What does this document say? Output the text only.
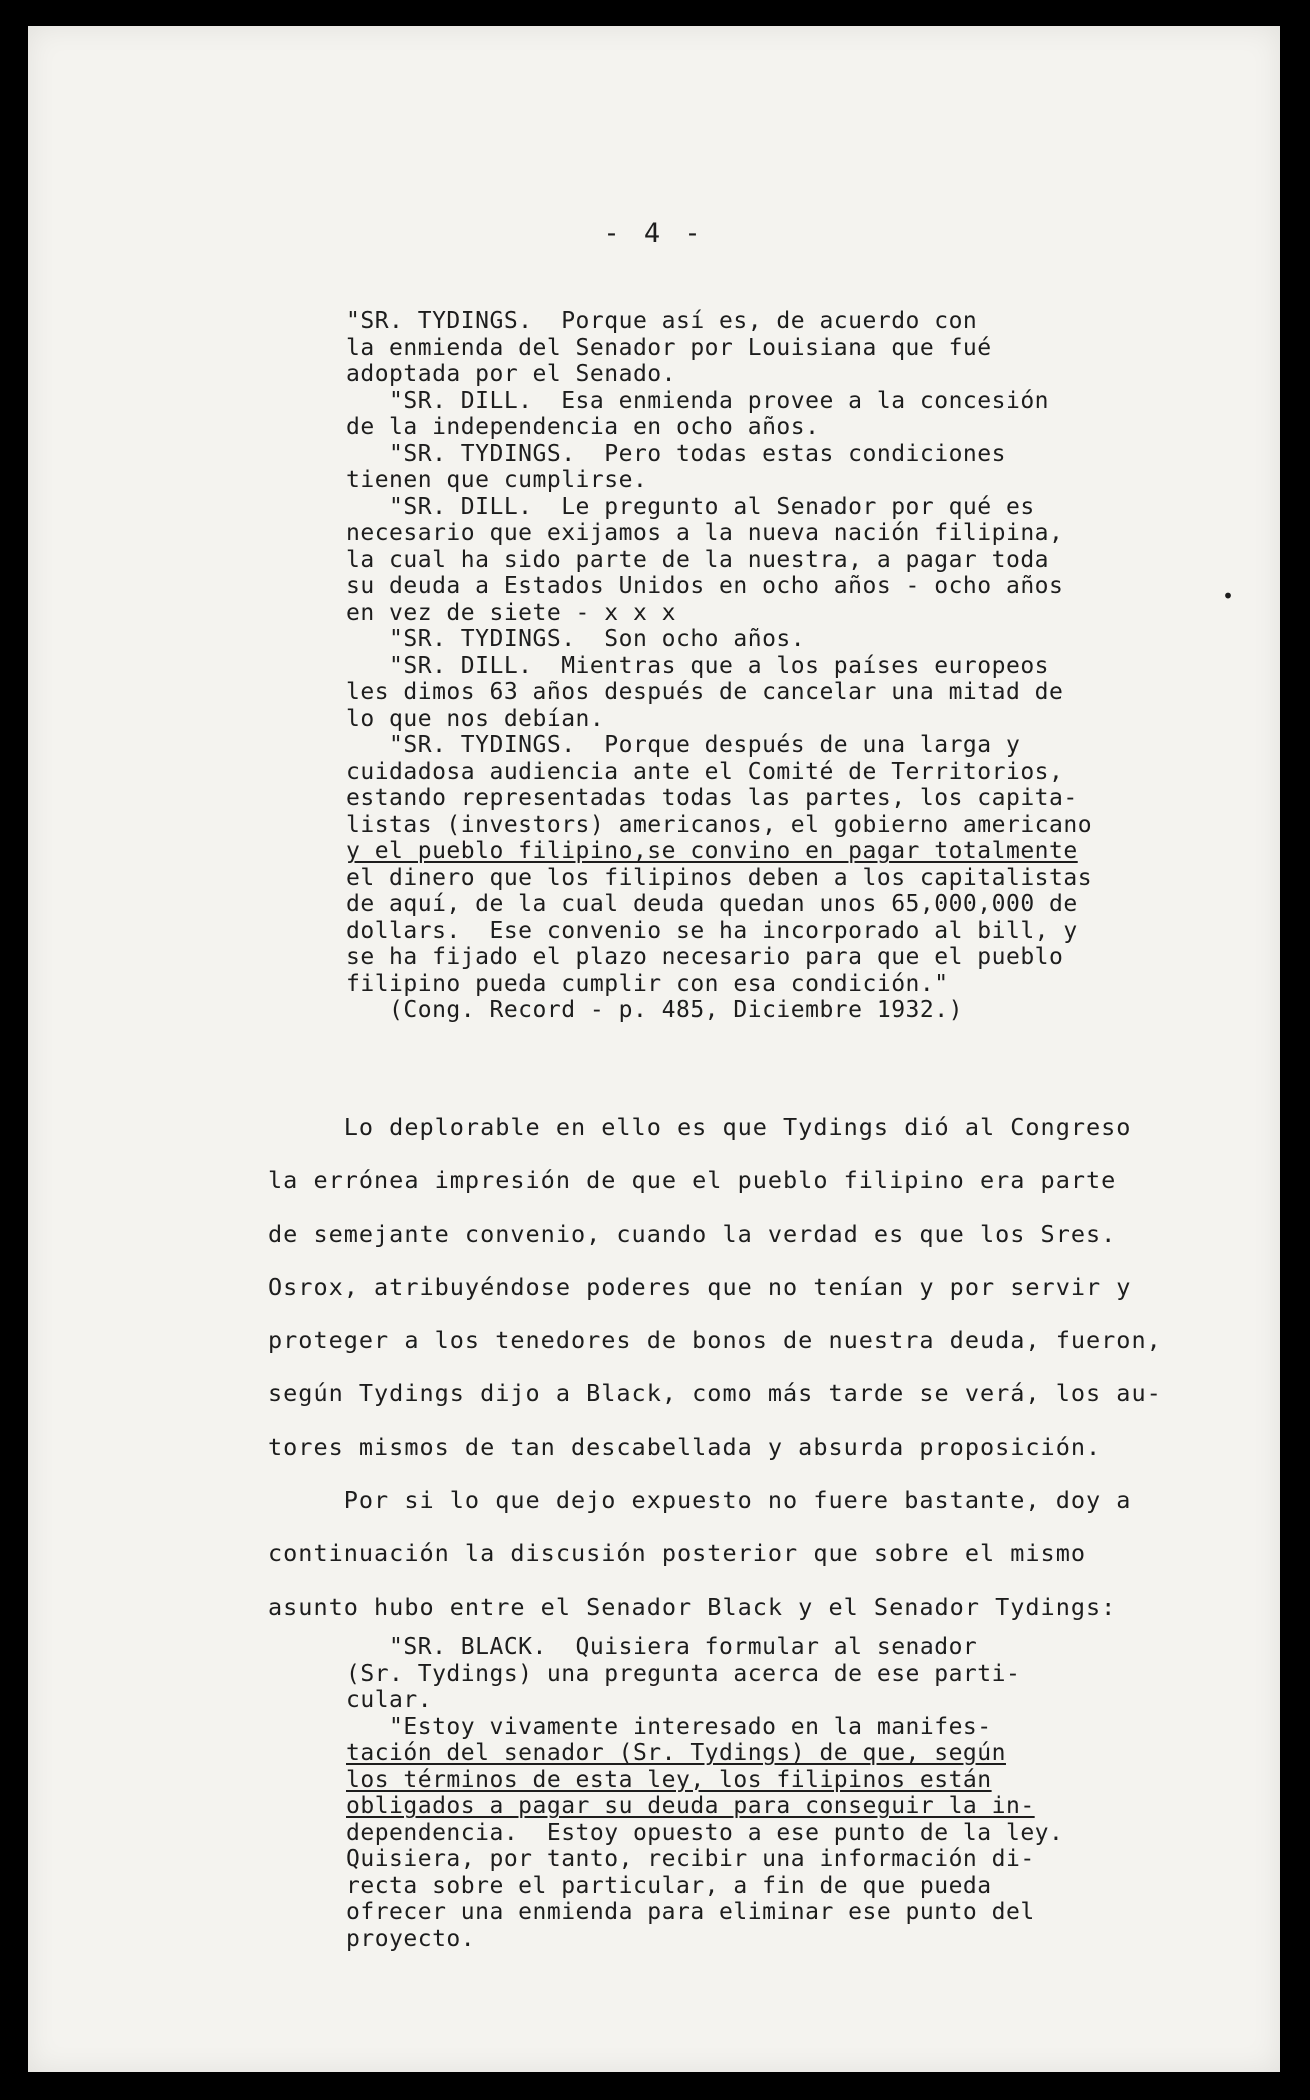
- 4 -
•
"SR. TYDINGS.  Porque así es, de acuerdo con
la enmienda del Senador por Louisiana que fué
adoptada por el Senado.
"SR. DILL.  Esa enmienda provee a la concesión
de la independencia en ocho años.
"SR. TYDINGS.  Pero todas estas condiciones
tienen que cumplirse.
"SR. DILL.  Le pregunto al Senador por qué es
necesario que exijamos a la nueva nación filipina,
la cual ha sido parte de la nuestra, a pagar toda
su deuda a Estados Unidos en ocho años - ocho años
en vez de siete - x x x
"SR. TYDINGS.  Son ocho años.
"SR. DILL.  Mientras que a los países europeos
les dimos 63 años después de cancelar una mitad de
lo que nos debían.
"SR. TYDINGS.  Porque después de una larga y
cuidadosa audiencia ante el Comité de Territorios,
estando representadas todas las partes, los capita-
listas (investors) americanos, el gobierno americano
y el pueblo filipino,se convino en pagar totalmente
el dinero que los filipinos deben a los capitalistas
de aquí, de la cual deuda quedan unos 65,000,000 de
dollars.  Ese convenio se ha incorporado al bill, y
se ha fijado el plazo necesario para que el pueblo
filipino pueda cumplir con esa condición."
(Cong. Record - p. 485, Diciembre 1932.)
Lo deplorable en ello es que Tydings dió al Congreso
la errónea impresión de que el pueblo filipino era parte
de semejante convenio, cuando la verdad es que los Sres.
Osrox, atribuyéndose poderes que no tenían y por servir y
proteger a los tenedores de bonos de nuestra deuda, fueron,
según Tydings dijo a Black, como más tarde se verá, los au-
tores mismos de tan descabellada y absurda proposición.
Por si lo que dejo expuesto no fuere bastante, doy a
continuación la discusión posterior que sobre el mismo
asunto hubo entre el Senador Black y el Senador Tydings:
"SR. BLACK.  Quisiera formular al senador
(Sr. Tydings) una pregunta acerca de ese parti-
cular.
"Estoy vivamente interesado en la manifes-
tación del senador (Sr. Tydings) de que, según
los términos de esta ley, los filipinos están
obligados a pagar su deuda para conseguir la in-
dependencia.  Estoy opuesto a ese punto de la ley.
Quisiera, por tanto, recibir una información di-
recta sobre el particular, a fin de que pueda
ofrecer una enmienda para eliminar ese punto del
proyecto.
